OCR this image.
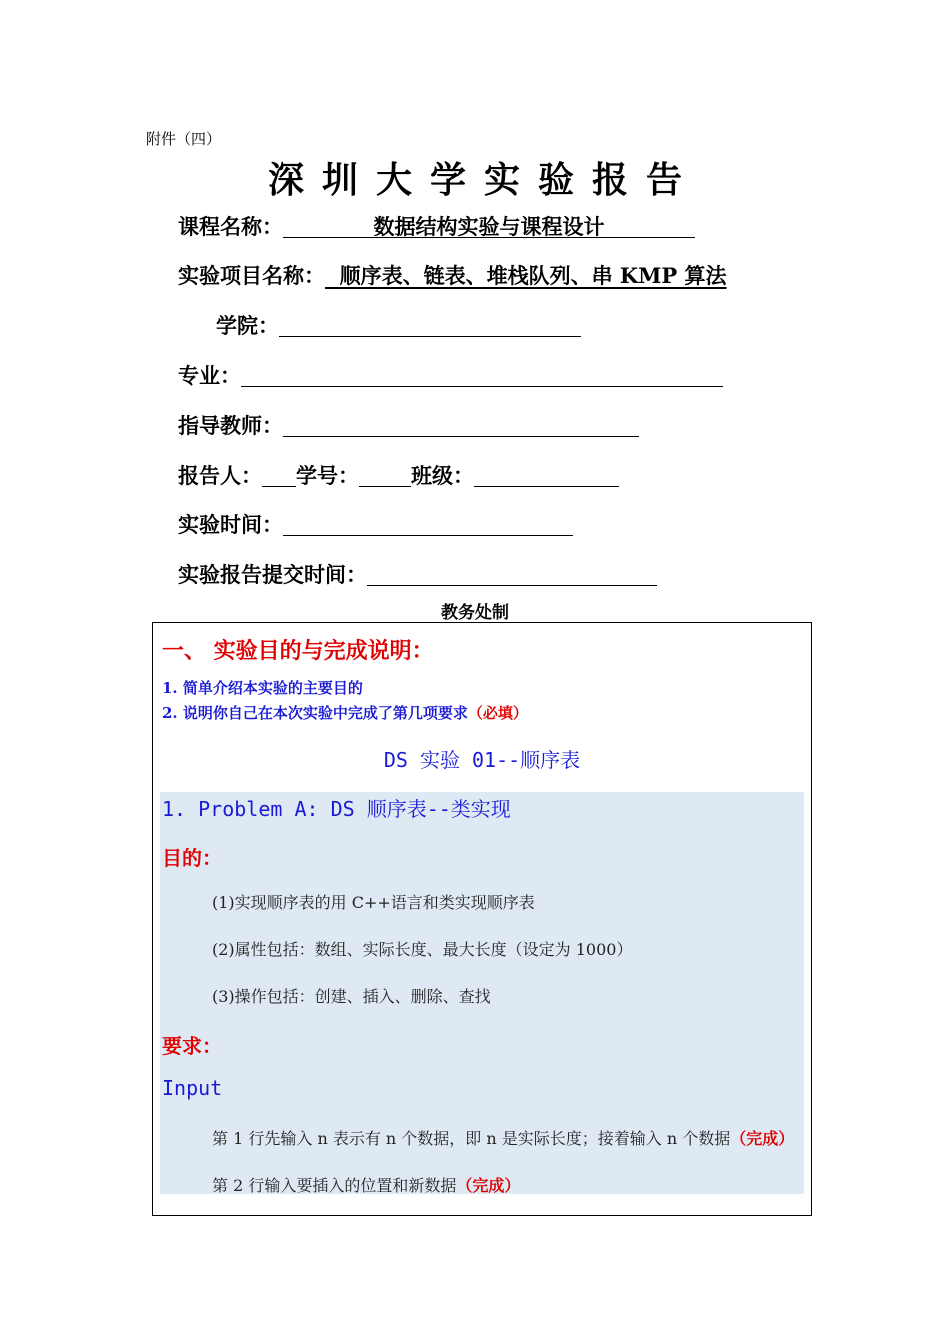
附件（四）
深圳大学实验报告
课程名称：	数据结构实验与课程设计
实验项目名称： 顺序表、链表、堆栈队列、串 KMP 算法
学院：
专业：
指导教师：
报告人： 学号： 班级：
实验时间：
实验报告提交时间：
教务处制
一、 实验目的与完成说明：
1. 简单介绍本实验的主要目的
2. 说明你自己在本次实验中完成了第几项要求（必填）
DS 实验 01--顺序表
1. Problem A: DS 顺序表--类实现
目的：
(1)实现顺序表的用 C++语言和类实现顺序表
(2)属性包括：数组、实际长度、最大长度（设定为 1000）
(3)操作包括：创建、插入、删除、查找
要求：
Input
第 1 行先输入 n 表示有 n 个数据，即 n 是实际长度；接着输入 n 个数据（完成）
第 2 行输入要插入的位置和新数据（完成）
